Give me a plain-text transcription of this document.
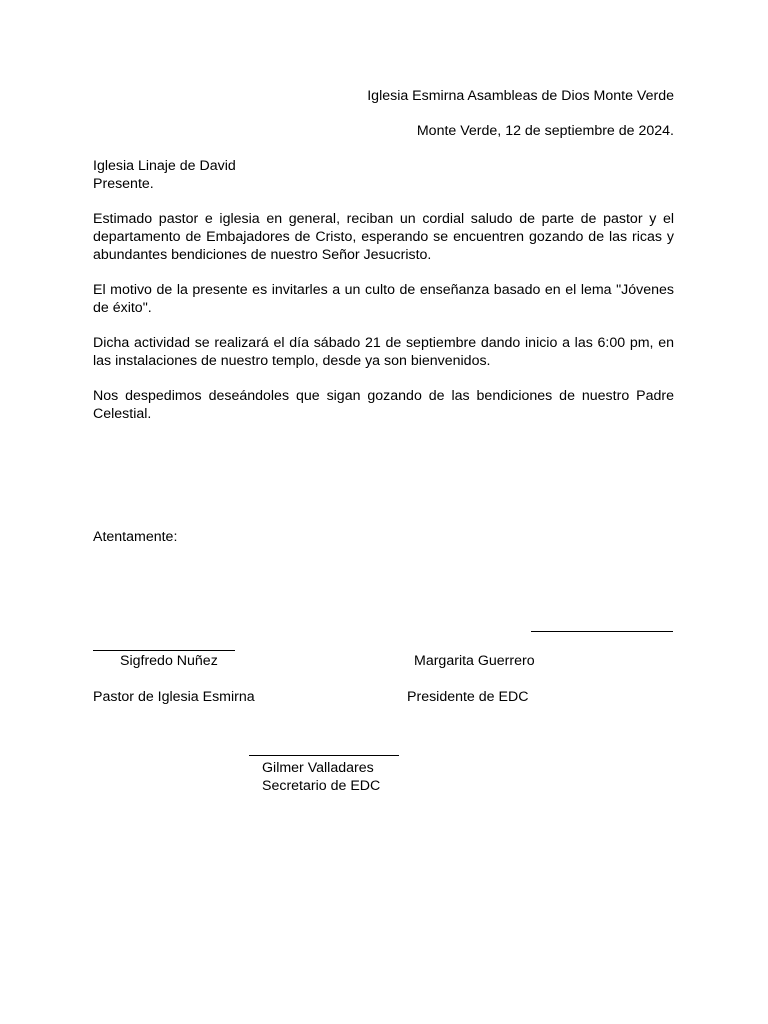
Iglesia Esmirna Asambleas de Dios Monte Verde
Monte Verde, 12 de septiembre de 2024.
Iglesia Linaje de David
Presente.
Estimado pastor e iglesia en general, reciban un cordial saludo de parte de pastor y el departamento de Embajadores de Cristo, esperando se encuentren gozando de las ricas y abundantes bendiciones de nuestro Señor Jesucristo.
El motivo de la presente es invitarles a un culto de enseñanza basado en el lema "Jóvenes de éxito".
Dicha actividad se realizará el día sábado 21 de septiembre dando inicio a las 6:00 pm, en las instalaciones de nuestro templo, desde ya son bienvenidos.
Nos despedimos deseándoles que sigan gozando de las bendiciones de nuestro Padre Celestial.
Atentamente:
Sigfredo Nuñez	Margarita Guerrero
Pastor de Iglesia Esmirna	Presidente de EDC
Gilmer Valladares
Secretario de EDC
